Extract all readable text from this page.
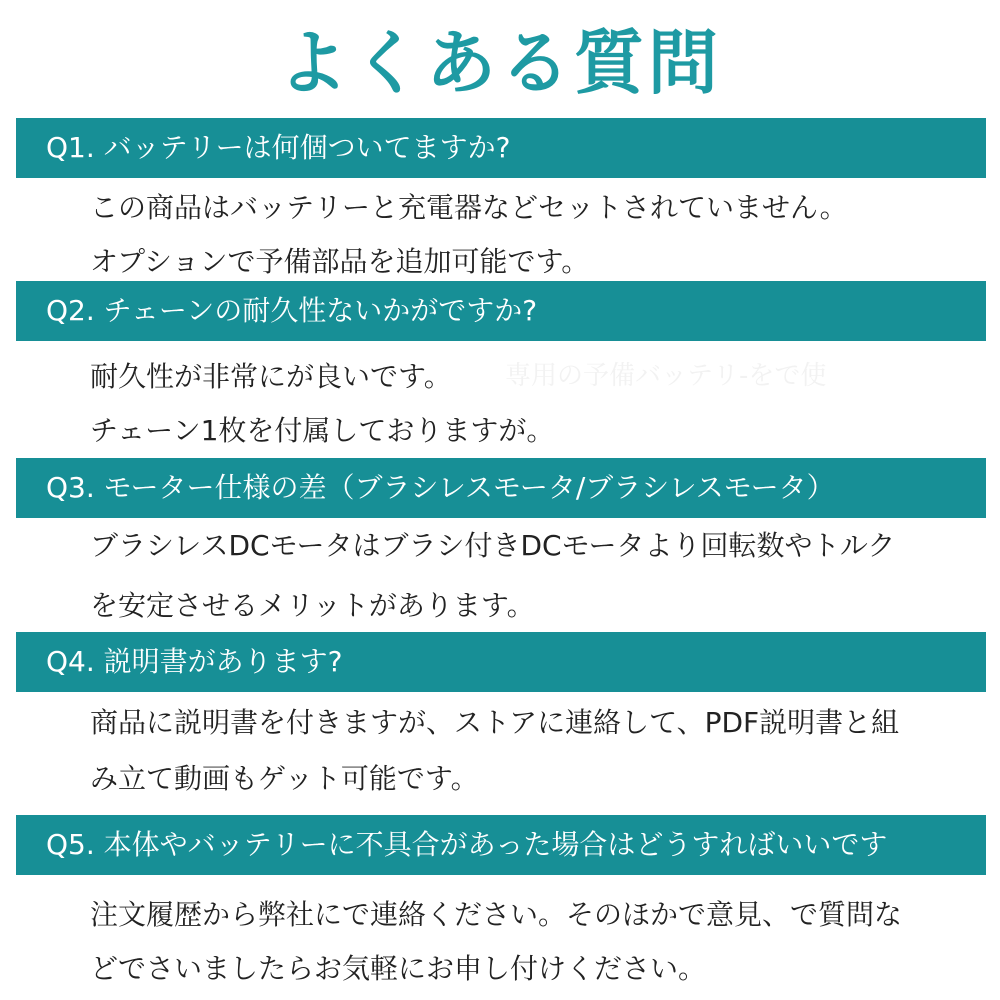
よくある質問
Q1. バッテリーは何個ついてますか?
この商品はバッテリーと充電器などセットされていません。
オプションで予備部品を追加可能です。
Q2. チェーンの耐久性ないかがですか?
耐久性が非常にが良いです。
チェーン1枚を付属しておりますが。
専用の予備バッテリ-をで使
Q3. モーター仕様の差（ブラシレスモータ/ブラシレスモータ）
ブラシレスDCモータはブラシ付きDCモータより回転数やトルク
を安定させるメリットがあります。
Q4. 説明書があります?
商品に説明書を付きますが、ストアに連絡して、PDF説明書と組
み立て動画もゲット可能です。
Q5. 本体やバッテリーに不具合があった場合はどうすればいいです
注文履歴から弊社にで連絡ください。そのほかで意見、で質問な
どでさいましたらお気軽にお申し付けください。
